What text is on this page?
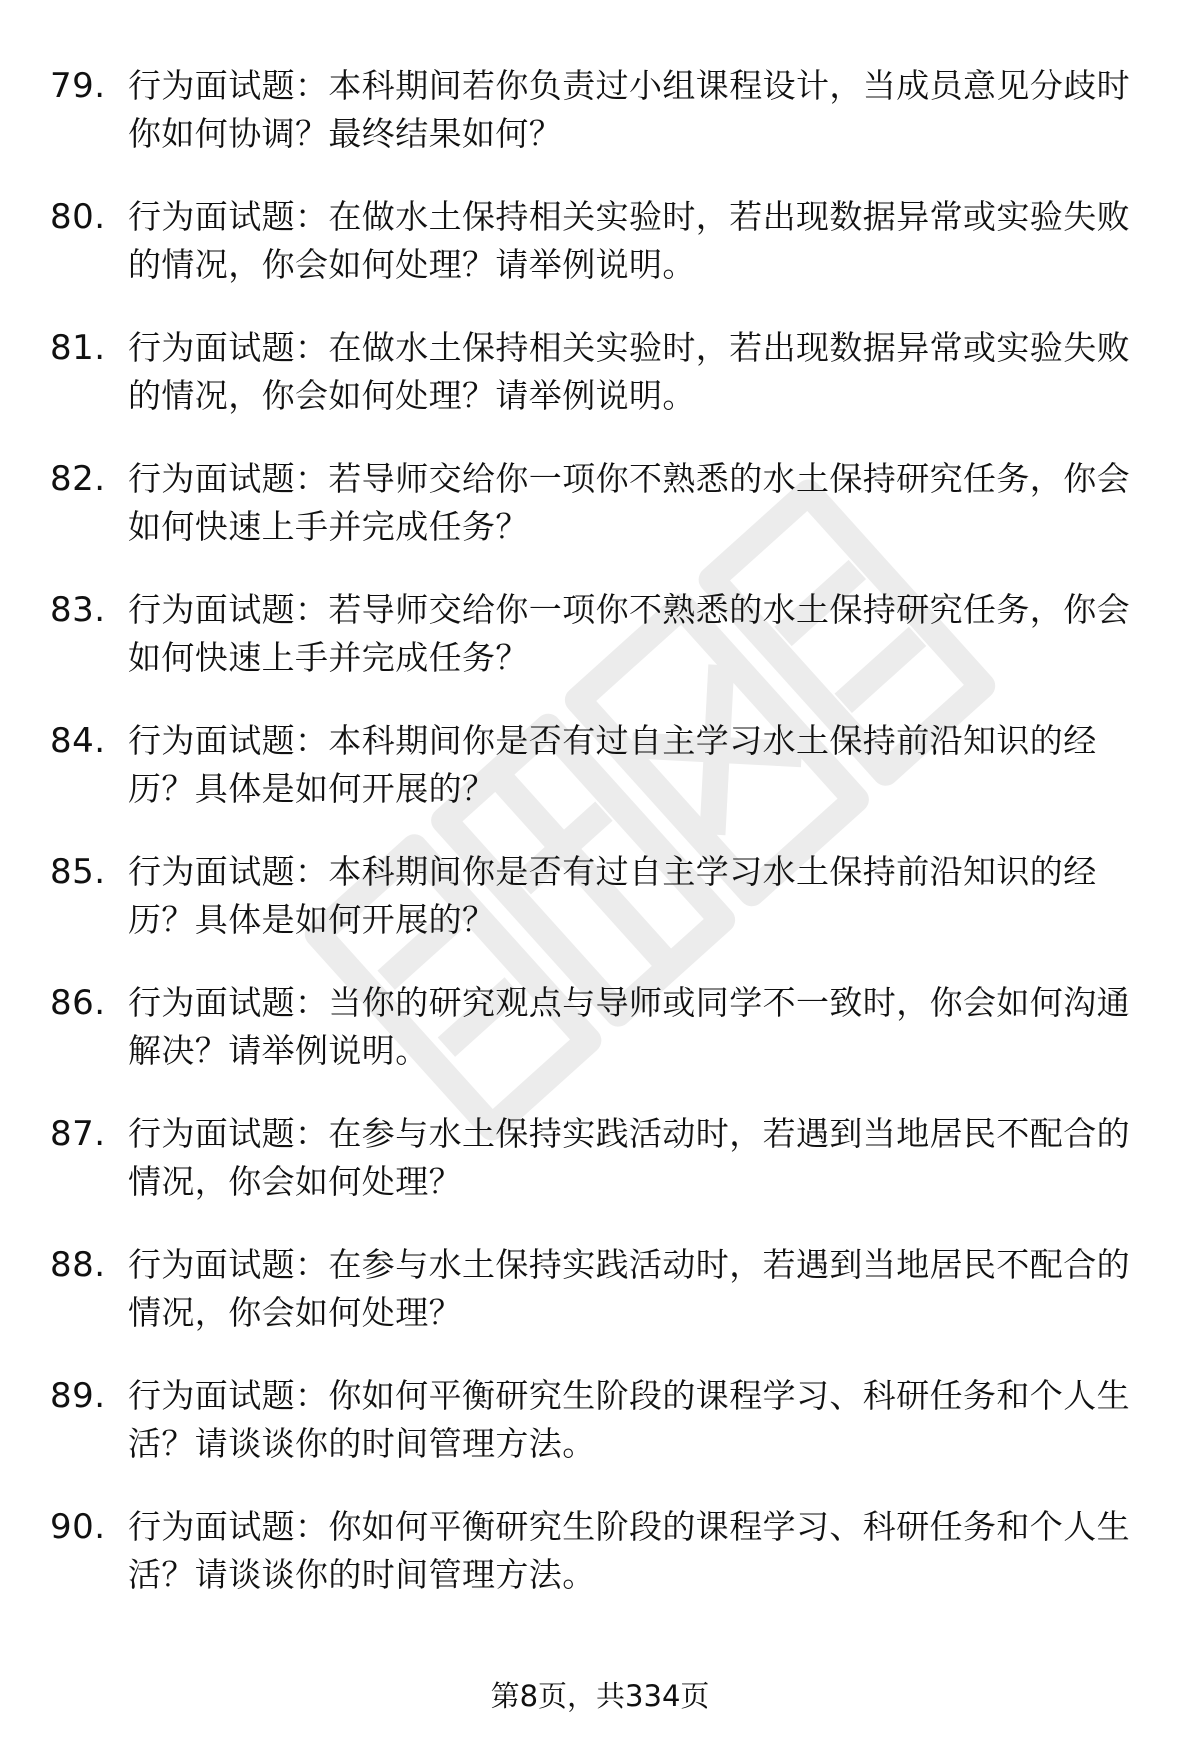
79. 行为面试题：本科期间若你负责过小组课程设计，当成员意见分歧时你如何协调？最终结果如何？
80. 行为面试题：在做水土保持相关实验时，若出现数据异常或实验失败的情况，你会如何处理？请举例说明。
81. 行为面试题：在做水土保持相关实验时，若出现数据异常或实验失败的情况，你会如何处理？请举例说明。
82. 行为面试题：若导师交给你一项你不熟悉的水土保持研究任务，你会如何快速上手并完成任务？
83. 行为面试题：若导师交给你一项你不熟悉的水土保持研究任务，你会如何快速上手并完成任务？
84. 行为面试题：本科期间你是否有过自主学习水土保持前沿知识的经历？具体是如何开展的？
85. 行为面试题：本科期间你是否有过自主学习水土保持前沿知识的经历？具体是如何开展的？
86. 行为面试题：当你的研究观点与导师或同学不一致时，你会如何沟通解决？请举例说明。
87. 行为面试题：在参与水土保持实践活动时，若遇到当地居民不配合的情况，你会如何处理？
88. 行为面试题：在参与水土保持实践活动时，若遇到当地居民不配合的情况，你会如何处理？
89. 行为面试题：你如何平衡研究生阶段的课程学习、科研任务和个人生活？请谈谈你的时间管理方法。
90. 行为面试题：你如何平衡研究生阶段的课程学习、科研任务和个人生活？请谈谈你的时间管理方法。
第8页，共334页
